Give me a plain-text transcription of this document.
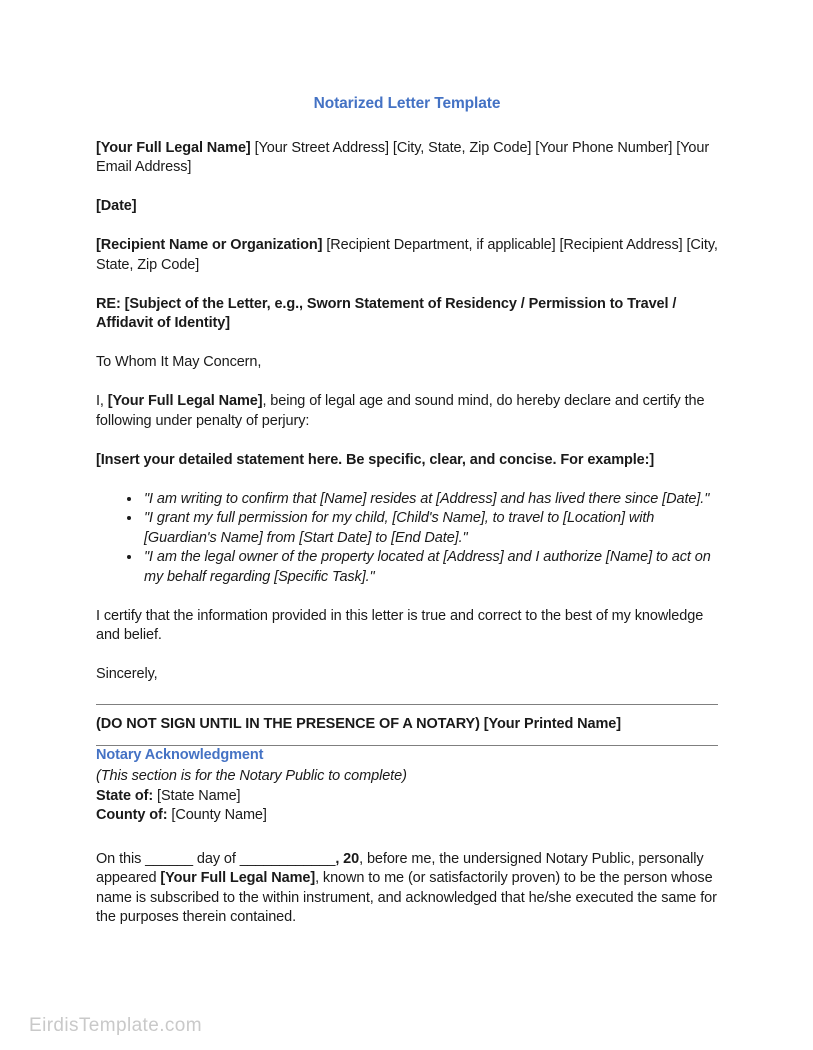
Notarized Letter Template

[Your Full Legal Name] [Your Street Address] [City, State, Zip Code] [Your Phone Number] [Your Email Address]

[Date]

[Recipient Name or Organization] [Recipient Department, if applicable] [Recipient Address] [City, State, Zip Code]

RE: [Subject of the Letter, e.g., Sworn Statement of Residency / Permission to Travel / Affidavit of Identity]

To Whom It May Concern,

I, [Your Full Legal Name], being of legal age and sound mind, do hereby declare and certify the following under penalty of perjury:

[Insert your detailed statement here. Be specific, clear, and concise. For example:]

• "I am writing to confirm that [Name] resides at [Address] and has lived there since [Date]."
• "I grant my full permission for my child, [Child's Name], to travel to [Location] with [Guardian's Name] from [Start Date] to [End Date]."
• "I am the legal owner of the property located at [Address] and I authorize [Name] to act on my behalf regarding [Specific Task]."

I certify that the information provided in this letter is true and correct to the best of my knowledge and belief.

Sincerely,

(DO NOT SIGN UNTIL IN THE PRESENCE OF A NOTARY) [Your Printed Name]

Notary Acknowledgment

(This section is for the Notary Public to complete)

State of: [State Name]

County of: [County Name]

On this ______ day of ____________, 20, before me, the undersigned Notary Public, personally appeared [Your Full Legal Name], known to me (or satisfactorily proven) to be the person whose name is subscribed to the within instrument, and acknowledged that he/she executed the same for the purposes therein contained.

EirdisTemplate.com
